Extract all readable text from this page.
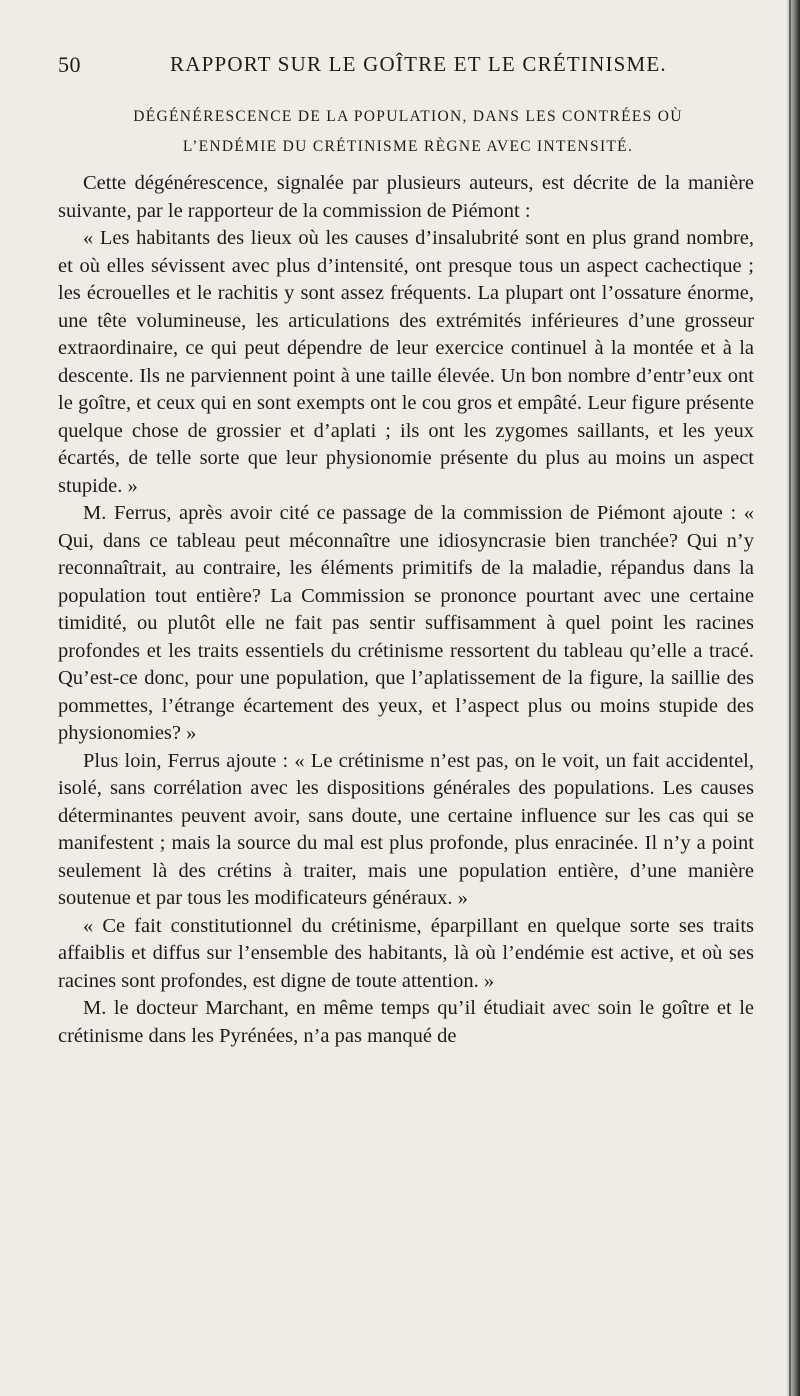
50	RAPPORT SUR LE GOÎTRE ET LE CRÉTINISME.
DÉGÉNÉRESCENCE DE LA POPULATION, DANS LES CONTRÉES OÙ
L’ENDÉMIE DU CRÉTINISME RÈGNE AVEC INTENSITÉ.

Cette dégénérescence, signalée par plusieurs auteurs, est décrite de la manière suivante, par le rapporteur de la commission de Piémont :

« Les habitants des lieux où les causes d’insalubrité sont en plus grand nombre, et où elles sévissent avec plus d’intensité, ont presque tous un aspect cachectique ; les écrouelles et le rachitis y sont assez fréquents. La plupart ont l’ossature énorme, une tête volumineuse, les articulations des extrémités inférieures d’une grosseur extraordinaire, ce qui peut dépendre de leur exercice continuel à la montée et à la descente. Ils ne parviennent point à une taille élevée. Un bon nombre d’entr’eux ont le goître, et ceux qui en sont exempts ont le cou gros et empâté. Leur figure présente quelque chose de grossier et d’aplati ; ils ont les zygomes saillants, et les yeux écartés, de telle sorte que leur physionomie présente du plus au moins un aspect stupide. »

M. Ferrus, après avoir cité ce passage de la commission de Piémont ajoute : « Qui, dans ce tableau peut méconnaître une idiosyncrasie bien tranchée? Qui n’y reconnaîtrait, au contraire, les éléments primitifs de la maladie, répandus dans la population tout entière? La Commission se prononce pourtant avec une certaine timidité, ou plutôt elle ne fait pas sentir suffisamment à quel point les racines profondes et les traits essentiels du crétinisme ressortent du tableau qu’elle a tracé. Qu’est-ce donc, pour une population, que l’aplatissement de la figure, la saillie des pommettes, l’étrange écartement des yeux, et l’aspect plus ou moins stupide des physionomies? »

Plus loin, Ferrus ajoute : « Le crétinisme n’est pas, on le voit, un fait accidentel, isolé, sans corrélation avec les dispositions générales des populations. Les causes déterminantes peuvent avoir, sans doute, une certaine influence sur les cas qui se manifestent ; mais la source du mal est plus profonde, plus enracinée. Il n’y a point seulement là des crétins à traiter, mais une population entière, d’une manière soutenue et par tous les modificateurs généraux. »

« Ce fait constitutionnel du crétinisme, éparpillant en quelque sorte ses traits affaiblis et diffus sur l’ensemble des habitants, là où l’endémie est active, et où ses racines sont profondes, est digne de toute attention. »

M. le docteur Marchant, en même temps qu’il étudiait avec soin le goître et le crétinisme dans les Pyrénées, n’a pas manqué de
